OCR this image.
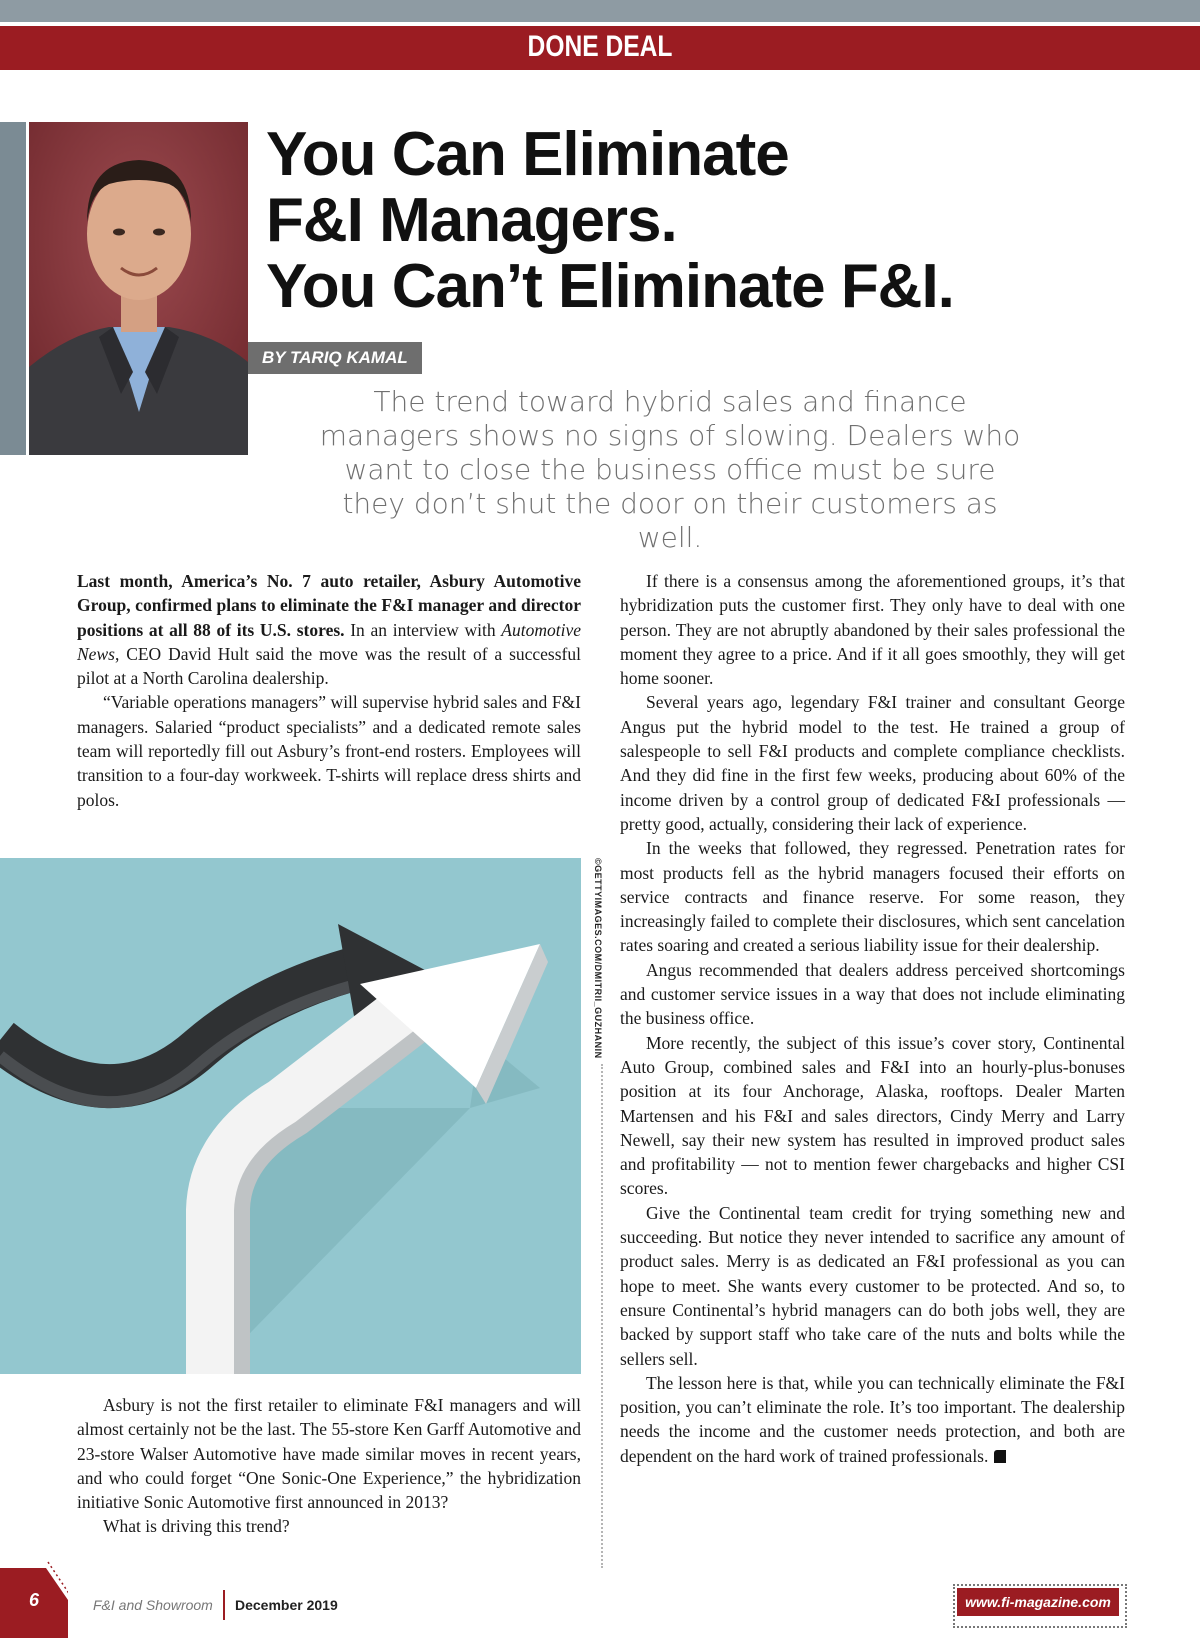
DONE DEAL
You Can Eliminate
F&I Managers.
You Can’t Eliminate F&I.
BY TARIQ KAMAL

The trend toward hybrid sales and finance managers shows no signs of slowing. Dealers who want to close the business office must be sure they don’t shut the door on their customers as well.

Last month, America’s No. 7 auto retailer, Asbury Automotive Group, confirmed plans to eliminate the F&I manager and director positions at all 88 of its U.S. stores. In an interview with Automotive News, CEO David Hult said the move was the result of a successful pilot at a North Carolina dealership.

“Variable operations managers” will supervise hybrid sales and F&I managers. Salaried “product specialists” and a dedicated remote sales team will reportedly fill out Asbury’s front-end rosters. Employees will transition to a four-day workweek. T-shirts will replace dress shirts and polos.

©GETTYIMAGES.COM/DMITRII_GUZHANIN

Asbury is not the first retailer to eliminate F&I managers and will almost certainly not be the last. The 55-store Ken Garff Automotive and 23-store Walser Automotive have made similar moves in recent years, and who could forget “One Sonic-One Experience,” the hybridization initiative Sonic Automotive first announced in 2013?

What is driving this trend?

If there is a consensus among the aforementioned groups, it’s that hybridization puts the customer first. They only have to deal with one person. They are not abruptly abandoned by their sales professional the moment they agree to a price. And if it all goes smoothly, they will get home sooner.

Several years ago, legendary F&I trainer and consultant George Angus put the hybrid model to the test. He trained a group of salespeople to sell F&I products and complete compliance checklists. And they did fine in the first few weeks, producing about 60% of the income driven by a control group of dedicated F&I professionals — pretty good, actually, considering their lack of experience.

In the weeks that followed, they regressed. Penetration rates for most products fell as the hybrid managers focused their efforts on service contracts and finance reserve. For some reason, they increasingly failed to complete their disclosures, which sent cancelation rates soaring and created a serious liability issue for their dealership.

Angus recommended that dealers address perceived shortcomings and customer service issues in a way that does not include eliminating the business office.

More recently, the subject of this issue’s cover story, Continental Auto Group, combined sales and F&I into an hourly-plus-bonuses position at its four Anchorage, Alaska, rooftops. Dealer Marten Martensen and his F&I and sales directors, Cindy Merry and Larry Newell, say their new system has resulted in improved product sales and profitability — not to mention fewer chargebacks and higher CSI scores.

Give the Continental team credit for trying something new and succeeding. But notice they never intended to sacrifice any amount of product sales. Merry is as dedicated an F&I professional as you can hope to meet. She wants every customer to be protected. And so, to ensure Continental’s hybrid managers can do both jobs well, they are backed by support staff who take care of the nuts and bolts while the sellers sell.

The lesson here is that, while you can technically eliminate the F&I position, you can’t eliminate the role. It’s too important. The dealership needs the income and the customer needs protection, and both are dependent on the hard work of trained professionals.

6	F&I and Showroom December 2019	www.fi-magazine.com
